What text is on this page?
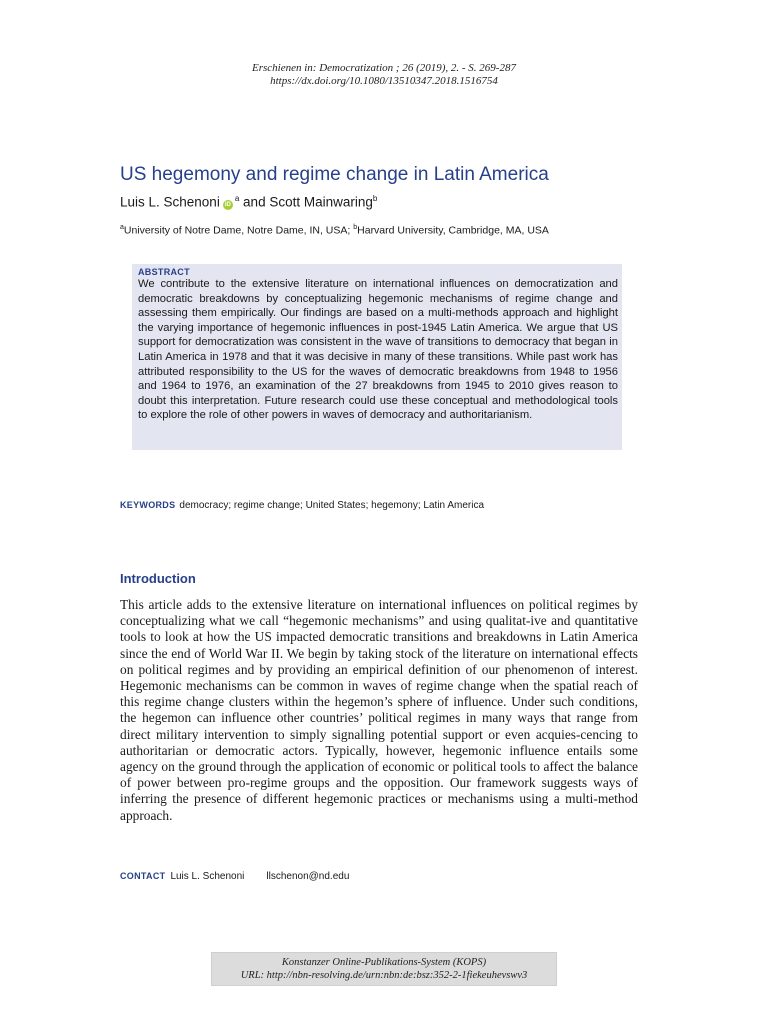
Erschienen in: Democratization ; 26 (2019), 2. - S. 269-287
https://dx.doi.org/10.1080/13510347.2018.1516754
US hegemony and regime change in Latin America
Luis L. Schenoni $iD^a$ and Scott Mainwaring$^b$
$^a$University of Notre Dame, Notre Dame, IN, USA; $^b$Harvard University, Cambridge, MA, USA
ABSTRACT

We contribute to the extensive literature on international influences on democratization and democratic breakdowns by conceptualizing hegemonic mechanisms of regime change and assessing them empirically. Our findings are based on a multi-methods approach and highlight the varying importance of hegemonic influences in post-1945 Latin America. We argue that US support for democratization was consistent in the wave of transitions to democracy that began in Latin America in 1978 and that it was decisive in many of these transitions. While past work has attributed responsibility to the US for the waves of democratic breakdowns from 1948 to 1956 and 1964 to 1976, an examination of the 27 breakdowns from 1945 to 2010 gives reason to doubt this interpretation. Future research could use these conceptual and methodological tools to explore the role of other powers in waves of democracy and authoritarianism.

KEYWORDS democracy; regime change; United States; hegemony; Latin America
Introduction

This article adds to the extensive literature on international influences on political regimes by conceptualizing what we call “hegemonic mechanisms” and using qualitat-ive and quantitative tools to look at how the US impacted democratic transitions and breakdowns in Latin America since the end of World War II. We begin by taking stock of the literature on international effects on political regimes and by providing an empirical definition of our phenomenon of interest. Hegemonic mechanisms can be common in waves of regime change when the spatial reach of this regime change clusters within the hegemon’s sphere of influence. Under such conditions, the hegemon can influence other countries’ political regimes in many ways that range from direct military intervention to simply signalling potential support or even acquies-cencing to authoritarian or democratic actors. Typically, however, hegemonic influence entails some agency on the ground through the application of economic or political tools to affect the balance of power between pro-regime groups and the opposition. Our framework suggests ways of inferring the presence of different hegemonic practices or mechanisms using a multi-method approach.

CONTACT Luis L. Schenoni llschenon@nd.edu
Konstanzer Online-Publikations-System (KOPS)
URL: http://nbn-resolving.de/urn:nbn:de:bsz:352-2-1fiekeuhevswv3
